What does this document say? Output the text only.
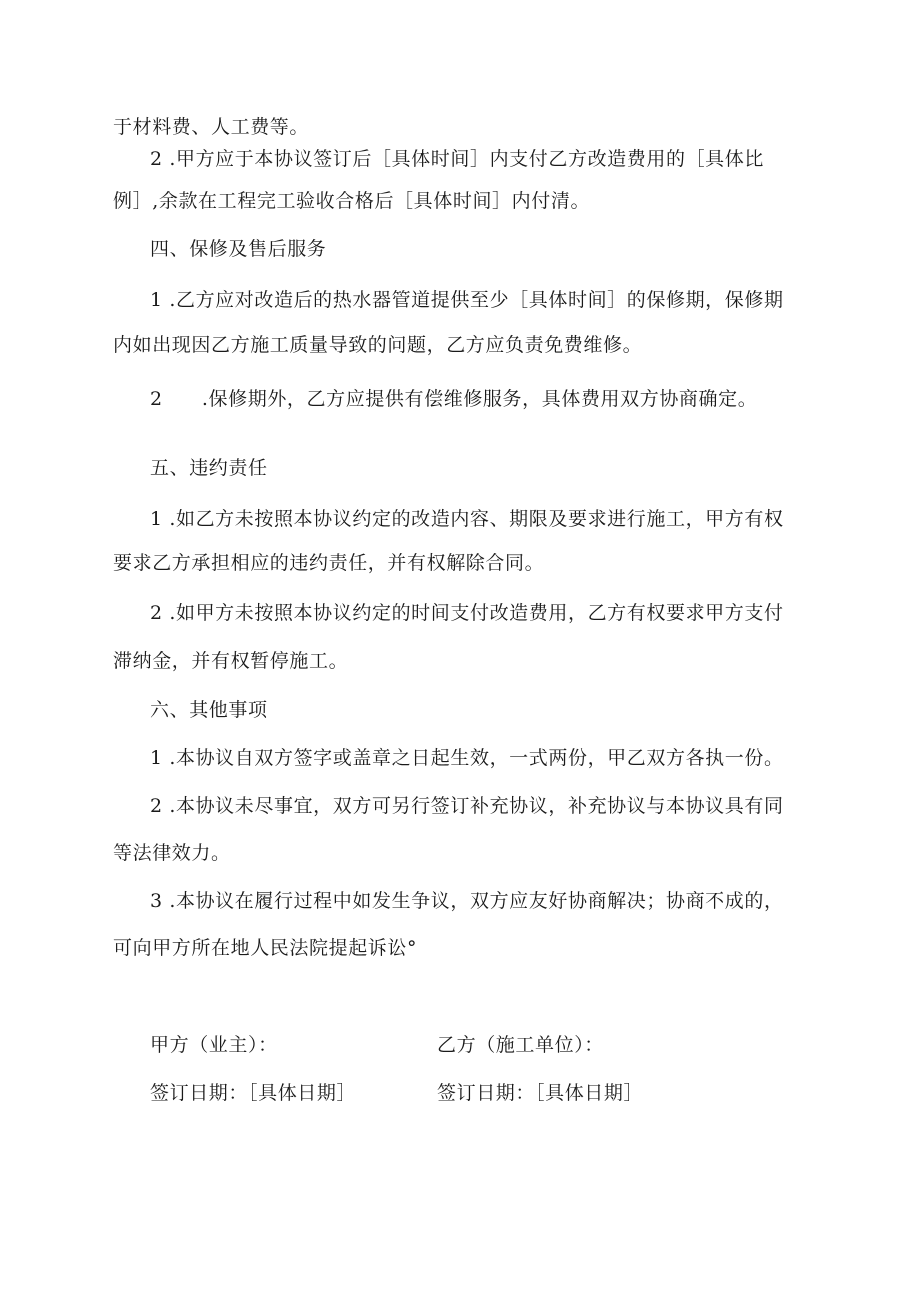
于材料费、人工费等。
2 .甲方应于本协议签订后［具体时间］内支付乙方改造费用的［具体比
例］,余款在工程完工验收合格后［具体时间］内付清。
四、保修及售后服务
1 .乙方应对改造后的热水器管道提供至少［具体时间］的保修期，保修期
内如出现因乙方施工质量导致的问题，乙方应负责免费维修。
2　　.保修期外，乙方应提供有偿维修服务，具体费用双方协商确定。
五、违约责任
1 .如乙方未按照本协议约定的改造内容、期限及要求进行施工，甲方有权
要求乙方承担相应的违约责任，并有权解除合同。
2 .如甲方未按照本协议约定的时间支付改造费用，乙方有权要求甲方支付
滞纳金，并有权暂停施工。
六、其他事项
1 .本协议自双方签字或盖章之日起生效，一式两份，甲乙双方各执一份。
2 .本协议未尽事宜，双方可另行签订补充协议，补充协议与本协议具有同
等法律效力。
3 .本协议在履行过程中如发生争议，双方应友好协商解决；协商不成的，
可向甲方所在地人民法院提起诉讼°
甲方（业主）：	乙方（施工单位）：
签订日期：［具体日期］	签订日期：［具体日期］
